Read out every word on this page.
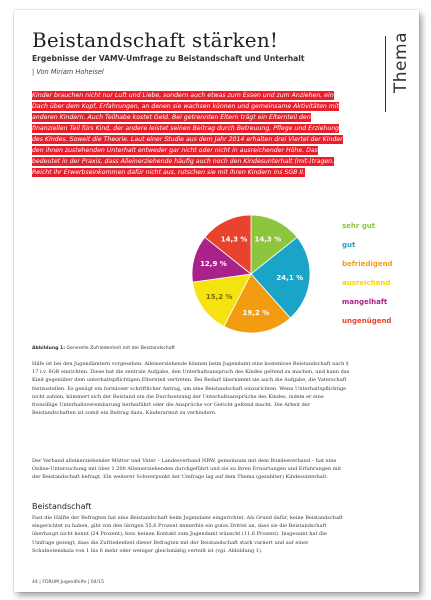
Thema
Beistandschaft stärken!
Ergebnisse der VAMV-Umfrage zu Beistandschaft und Unterhalt
| Von Miriam Hoheisel
Kinder brauchen nicht nur Luft und Liebe, sondern auch etwas zum Essen und zum Anziehen, ein Dach über dem Kopf, Erfahrungen, an denen sie wachsen können und gemeinsame Aktivitäten mit anderen Kindern. Auch Teilhabe kostet Geld. Bei getrennten Eltern trägt ein Elternteil den finanziellen Teil fürs Kind, der andere leistet seinen Beitrag durch Betreuung, Pflege und Erziehung des Kindes. Soweit die Theorie. Laut einer Studie aus dem Jahr 2014 erhalten drei Viertel der Kinder den ihnen zustehenden Unterhalt entweder gar nicht oder nicht in ausreichender Höhe. Das bedeutet in der Praxis, dass Alleinerziehende häufig auch noch den Kindesunterhalt (mit-)tragen. Reicht ihr Erwerbseinkommen dafür nicht aus, rutschen sie mit ihren Kindern ins SGB II.
14,3 %
24,1 %
19,2 %
15,2 %
12,9 %
14,3 %
sehr gut
gut
befriedigend
ausreichend
mangelhaft
ungenügend
Abbildung 1: Generelle Zufriedenheit mit der Beistandschaft
Hilfe ist bei den Jugendämtern vorgesehen: Alleinerziehende können beim Jugendamt eine kostenlose Beistandschaft nach § 17 i.v. 8GB einrichten. Diese hat die zentrale Aufgabe, den Unterhaltsanspruch des Kindes geltend zu machen, und kann das Kind gegenüber dem unterhaltspflichtigen Elternteil vertreten. Bei Bedarf übernimmt sie auch die Aufgabe, die Vaterschaft festzustellen. Es genügt ein formloser schriftlicher Antrag, um eine Beistandschaft einzurichten. Wenn Unterhaltspflichtige nicht zahlen, kümmert sich der Beistand um die Durchsetzung der Unterhaltsansprüche des Kindes, indem er eine freiwillige Unterhaltsvereinbarung herbeiführt oder die Ansprüche vor Gericht geltend macht. Die Arbeit der Beistandschaften ist somit ein Beitrag dazu, Kinderarmut zu verhindern.
Der Verband alleinerziehender Mütter und Väter – Landesverband NRW, gemeinsam mit dem Bundesverband – hat eine Online-Untersuchung mit über 1.200 Alleinerziehenden durchgeführt und sie zu ihren Erwartungen und Erfahrungen mit der Beistandschaft befragt. Ein weiterer Schwerpunkt der Umfrage lag auf dem Thema (gezahlter) Kindesunterhalt.
Beistandschaft
Fast die Hälfte der Befragten hat eine Beistandschaft beim Jugendamt eingerichtet. Als Grund dafür, keine Beistandschaft eingerichtet zu haben, gibt von den übrigen 55,6 Prozent immerhin ein gutes Drittel an, dass sie die Beistandschaft überhaupt nicht kennt (24 Prozent), bzw. keinen Kontakt zum Jugendamt wünscht (11,6 Prozent). Insgesamt hat die Umfrage gezeigt, dass die Zufriedenheit dieser Befragten mit der Beistandschaft stark variiert und auf einer Schulnotenskala von 1 bis 6 mehr oder weniger gleichmäßig verteilt ist (vgl. Abbildung 1).
44 | FORUM Jugendhilfe | 04/15
